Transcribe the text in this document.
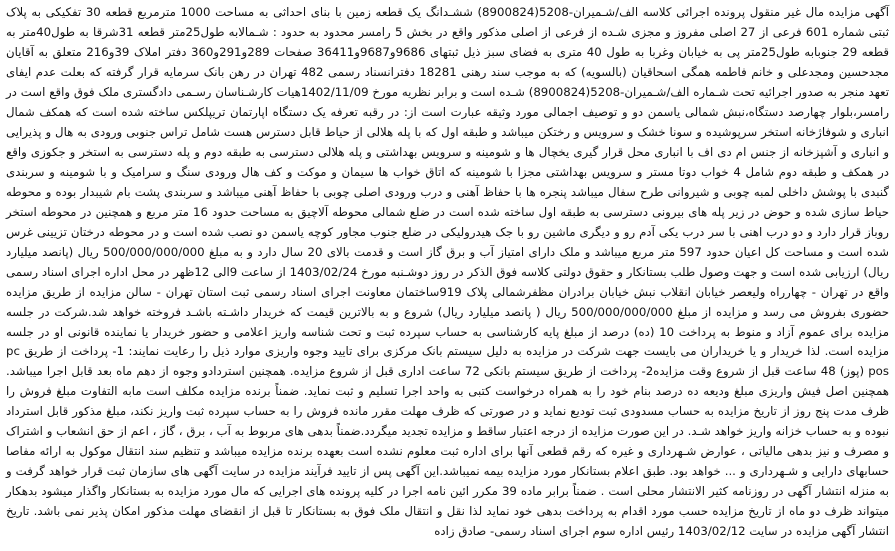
آگهی مزایده مال غیر منقول پرونده اجرائی کلاسه الف/شـمیران-5208(8900824) ششـدانگ یک قطعه زمین با بنای احداثی به مساحت 1000 مترمربع قطعه 30 تفکیکی به پلاک ثبتی شماره 601 فرعی از 27 اصلی مفروز و مجزی شـده از فرعی از اصلی مذکور واقع در بخش 5 رامسر محدود به حدود : شـمالابه طول25متر قطعه 31شرقا به طول40متر به قطعه 29 جنوبابه طول25متر پی به خیابان وغربا به طول 40 متری به فضای سبز ذیل ثبتهای 9686و9687و36411 صفحات 289و291و360 دفتر املاک 39و216 متعلق به آقایان مجدحسین ومجدعلی و خانم فاطمه همگی اسحاقیان (بالسویه) که به موجب سند رهنی 18281 دفترانسناد رسمی 482 تهران در رهن بانک سرمایه قرار گرفته که بعلت عدم ایفای تعهد منجر به صدور اجرائیه تحت شـماره الف/شـمیران-5208(8900824) شـده است و برابر نظریه مورخ 1402/11/09هیات کارشـناسان رسـمی دادگستری ملک فوق واقع است در رامسر،بلوار چهارصد دستگاه،نبش شمالی یاسمن دو و توصیف اجمالی مورد وثیقه عبارت است از: در رقبه تعرفه یک دستگاه اپارتمان تریپلکس ساخته شده است که همکف شمال انباری و شوفاژخانه استخر سرپوشیده و سونا خشک و سرویس و رختکن میباشد و طبقه اول که با پله هلالی از حیاط قابل دسترس هست شامل تراس جنوبی ورودی به هال و پذیرایی و انباری و آشپزخانه از جنس ام دی اف با انباری محل قرار گیری یخچال ها و شومینه و سرویس بهداشتی و پله هلالی دسترسی به طبقه دوم و پله دسترسی به استخر و جکوزی واقع در همکف و طبقه دوم شامل 4 خواب دوتا مستر و سرویس بهداشتی مجزا با شومینه که اتاق خواب ها سیمان و موکت و کف هال ورودی سنگ و سرامیک و با شومینه و سربندی گنبدی با پوشش داخلی لمبه چوبی و شیروانی طرح سفال میباشد پنجره ها با حفاظ آهنی و درب ورودی اصلی چوبی با حفاظ آهنی میباشد و سربندی پشت بام شیبدار بوده و محوطه حیاط سازی شده و حوض در زیر پله های بیرونی دسترسی به طبقه اول ساخته شده است در ضلع شمالی محوطه آلاچیق به مساحت حدود 16 متر مربع و همچنین در محوطه استخر روباز قرار دارد و دو درب اهنی با سر درب یکی آدم رو و دیگری ماشین رو با جک هیدرولیکی در ضلع جنوب مجاور کوچه یاسمن دو نصب شده است و در محوطه درختان تزیینی غرس شده است و مساحت کل اعیان حدود 597 متر مربع میباشد و ملک دارای امتیاز آب و برق گاز است و قدمت بالای 20 سال دارد و به مبلغ 500/000/000/000 ریال (پانصد میلیارد ریال) ارزیابی شده است و جهت وصول طلب بستانکار و حقوق دولتی کلاسه فوق الذکر در روز دوشـنبه مورخ 1403/02/24 از ساعت 9الی 12ظهر در محل اداره اجرای اسناد رسمی واقع در تهران - چهارراه ولیعصر خیابان انقلاب نبش خیابان برادران مظفرشمالی پلاک 919ساختمان معاونت اجرای اسناد رسمی ثبت استان تهران - سالن مزایده از طریق مزایده حضوری بفروش می رسد و مزایده از مبلغ 500/000/000/000 ریال ( پانصد میلیارد ریال) شروع و به بالاترین قیمت که خریدار داشـته باشـد فروخته خواهد شد.شرکت در جلسه مزایده برای عموم آزاد و منوط به پرداخت 10 (ده) درصد از مبلغ پایه کارشناسی به حساب سپرده ثبت و تحت شناسه واریز اعلامی و حضور خریدار یا نماینده قانونی او در جلسه مزایده است. لذا خریدار و یا خریداران می بایست جهت شرکت در مزایده به دلیل سیستم بانک مرکزی برای تایید وجوه واریزی موارد ذیل را رعایت نمایند: 1- پرداخت از طریق pc pos (پوز) 48 ساعت قبل از شروع وقت مزایده2- پرداخت از طریق سیستم بانکی 72 ساعت اداری قبل از شروع مزایده. همچنین استردادو وجوه از دهم ماه بعد قابل اجرا میباشد. همچنین اصل فیش واریزی مبلغ ودیعه ده درصد بنام خود را به همراه درخواست کتبی به واحد اجرا تسلیم و ثبت نماید. ضمناً برنده مزایده مکلف است مابه التفاوت مبلغ فروش را ظرف مدت پنج روز از تاریخ مزایده به حساب مسدودی ثبت تودیع نماید و در صورتی که ظرف مهلت مقرر مانده فروش را به حساب سپرده ثبت واریز نکند، مبلغ مذکور قابل استرداد نبوده و به حساب خزانه واریز خواهد شـد. در این صورت مزایده از درجه اعتبار ساقط و مزایده تجدید میگردد.ضمناً بدهی های مربوط به آب ، برق ، گاز ، اعم از حق انشعاب و اشتراک و مصرف و نیز بدهی مالیاتی ، عوارض شـهرداری و غیره که رقم قطعی آنها برای اداره ثبت معلوم نشده است بعهده برنده مزایده میباشد و تنظیم سند انتقال موکول به ارائه مفاصا حسابهای دارایی و شـهرداری و ... خواهد بود. طبق اعلام بستانکار مورد مزایده بیمه نمیباشد.این آگهی پس از تایید فرآیند مزایده در سایت آگهی های سازمان ثبت قرار خواهد گرفت و به منزله انتشار آگهی در روزنامه کثیر الانتشار محلی است . ضمناً برابر ماده 39 مکرر ائین نامه اجرا در کلیه پرونده های اجرایی که مال مورد مزایده به بستانکار واگذار میشود بدهکار میتواند ظرف دو ماه از تاریخ مزایده حسب مورد اقدام به پرداخت بدهی خود نماید لذا نقل و انتقال ملک فوق به بستانکار تا قبل از انقضای مهلت مذکور امکان پذیر نمی باشد. تاریخ انتشار آگهی مزایده در سایت 1403/02/12 رئیس اداره سوم اجرای اسناد رسمی- صادق زاده
